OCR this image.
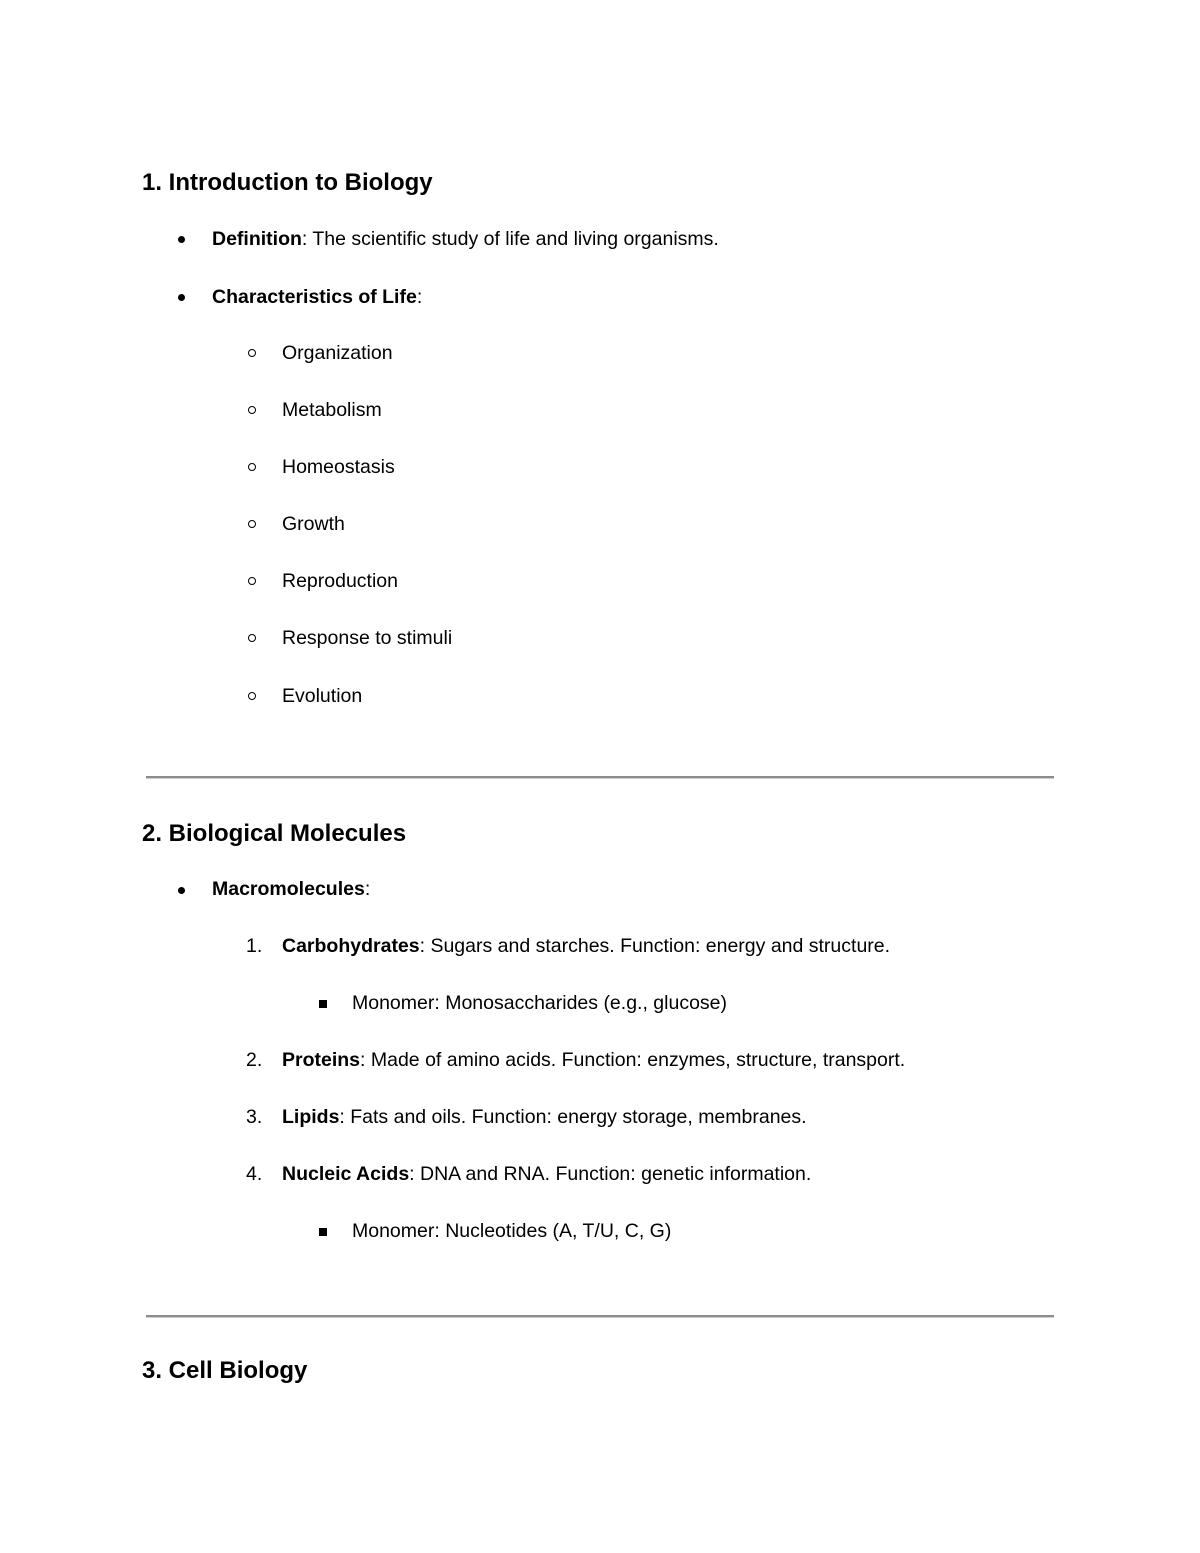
1. Introduction to Biology
Definition: The scientific study of life and living organisms.
Characteristics of Life:
Organization
Metabolism
Homeostasis
Growth
Reproduction
Response to stimuli
Evolution
2. Biological Molecules
Macromolecules:
1. Carbohydrates: Sugars and starches. Function: energy and structure.
Monomer: Monosaccharides (e.g., glucose)
2. Proteins: Made of amino acids. Function: enzymes, structure, transport.
3. Lipids: Fats and oils. Function: energy storage, membranes.
4. Nucleic Acids: DNA and RNA. Function: genetic information.
Monomer: Nucleotides (A, T/U, C, G)
3. Cell Biology
